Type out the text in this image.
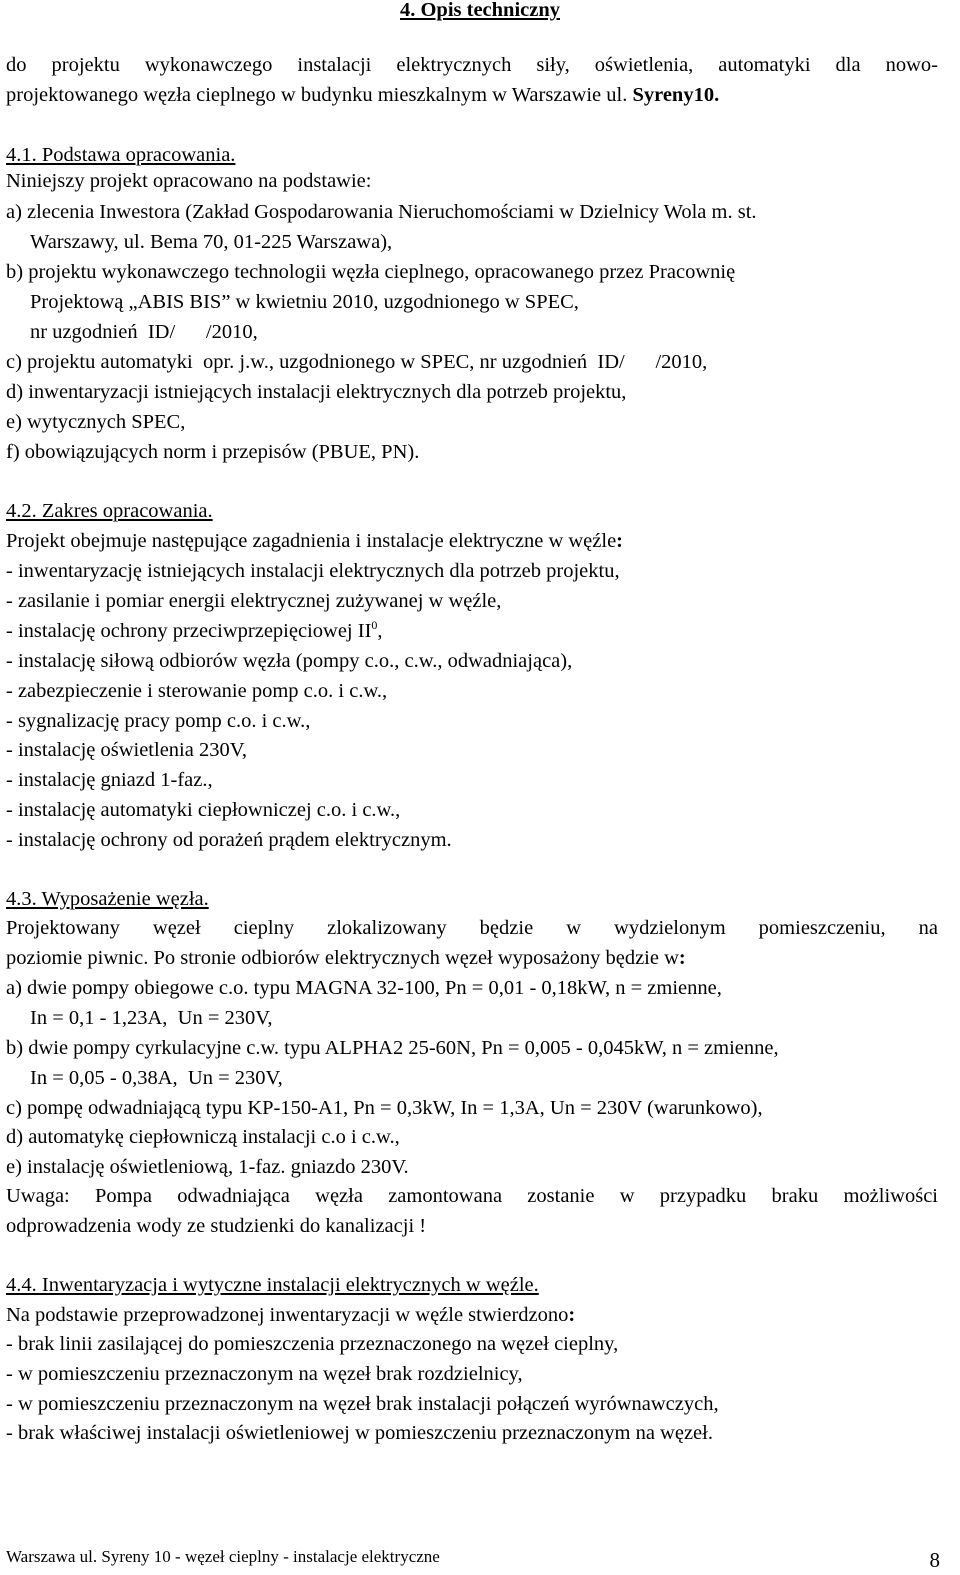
4. Opis techniczny
do projektu wykonawczego instalacji elektrycznych siły, oświetlenia, automatyki dla nowo-
projektowanego węzła cieplnego w budynku mieszkalnym w Warszawie ul. Syreny10.
4.1. Podstawa opracowania.
Niniejszy projekt opracowano na podstawie:
a) zlecenia Inwestora (Zakład Gospodarowania Nieruchomościami w Dzielnicy Wola m. st.
Warszawy, ul. Bema 70, 01-225 Warszawa),
b) projektu wykonawczego technologii węzła cieplnego, opracowanego przez Pracownię
Projektową „ABIS BIS” w kwietniu 2010, uzgodnionego w SPEC,
nr uzgodnień  ID/      /2010,
c) projektu automatyki  opr. j.w., uzgodnionego w SPEC, nr uzgodnień  ID/      /2010,
d) inwentaryzacji istniejących instalacji elektrycznych dla potrzeb projektu,
e) wytycznych SPEC,
f) obowiązujących norm i przepisów (PBUE, PN).
4.2. Zakres opracowania.
Projekt obejmuje następujące zagadnienia i instalacje elektryczne w węźle:
- inwentaryzację istniejących instalacji elektrycznych dla potrzeb projektu,
- zasilanie i pomiar energii elektrycznej zużywanej w węźle,
- instalację ochrony przeciwprzepięciowej $II^0$,
- instalację siłową odbiorów węzła (pompy c.o., c.w., odwadniająca),
- zabezpieczenie i sterowanie pomp c.o. i c.w.,
- sygnalizację pracy pomp c.o. i c.w.,
- instalację oświetlenia 230V,
- instalację gniazd 1-faz.,
- instalację automatyki ciepłowniczej c.o. i c.w.,
- instalację ochrony od porażeń prądem elektrycznym.
4.3. Wyposażenie węzła.
Projektowany węzeł cieplny zlokalizowany będzie w wydzielonym pomieszczeniu, na
poziomie piwnic. Po stronie odbiorów elektrycznych węzeł wyposażony będzie w:
a) dwie pompy obiegowe c.o. typu MAGNA 32-100, Pn = 0,01 - 0,18kW, n = zmienne,
In = 0,1 - 1,23A,  Un = 230V,
b) dwie pompy cyrkulacyjne c.w. typu ALPHA2 25-60N, Pn = 0,005 - 0,045kW, n = zmienne,
In = 0,05 - 0,38A,  Un = 230V,
c) pompę odwadniającą typu KP-150-A1, Pn = 0,3kW, In = 1,3A, Un = 230V (warunkowo),
d) automatykę ciepłowniczą instalacji c.o i c.w.,
e) instalację oświetleniową, 1-faz. gniazdo 230V.
Uwaga: Pompa odwadniająca węzła zamontowana zostanie w przypadku braku możliwości
odprowadzenia wody ze studzienki do kanalizacji !
4.4. Inwentaryzacja i wytyczne instalacji elektrycznych w węźle.
Na podstawie przeprowadzonej inwentaryzacji w węźle stwierdzono:
- brak linii zasilającej do pomieszczenia przeznaczonego na węzeł cieplny,
- w pomieszczeniu przeznaczonym na węzeł brak rozdzielnicy,
- w pomieszczeniu przeznaczonym na węzeł brak instalacji połączeń wyrównawczych,
- brak właściwej instalacji oświetleniowej w pomieszczeniu przeznaczonym na węzeł.
Warszawa ul. Syreny 10 - węzeł cieplny - instalacje elektryczne	8
